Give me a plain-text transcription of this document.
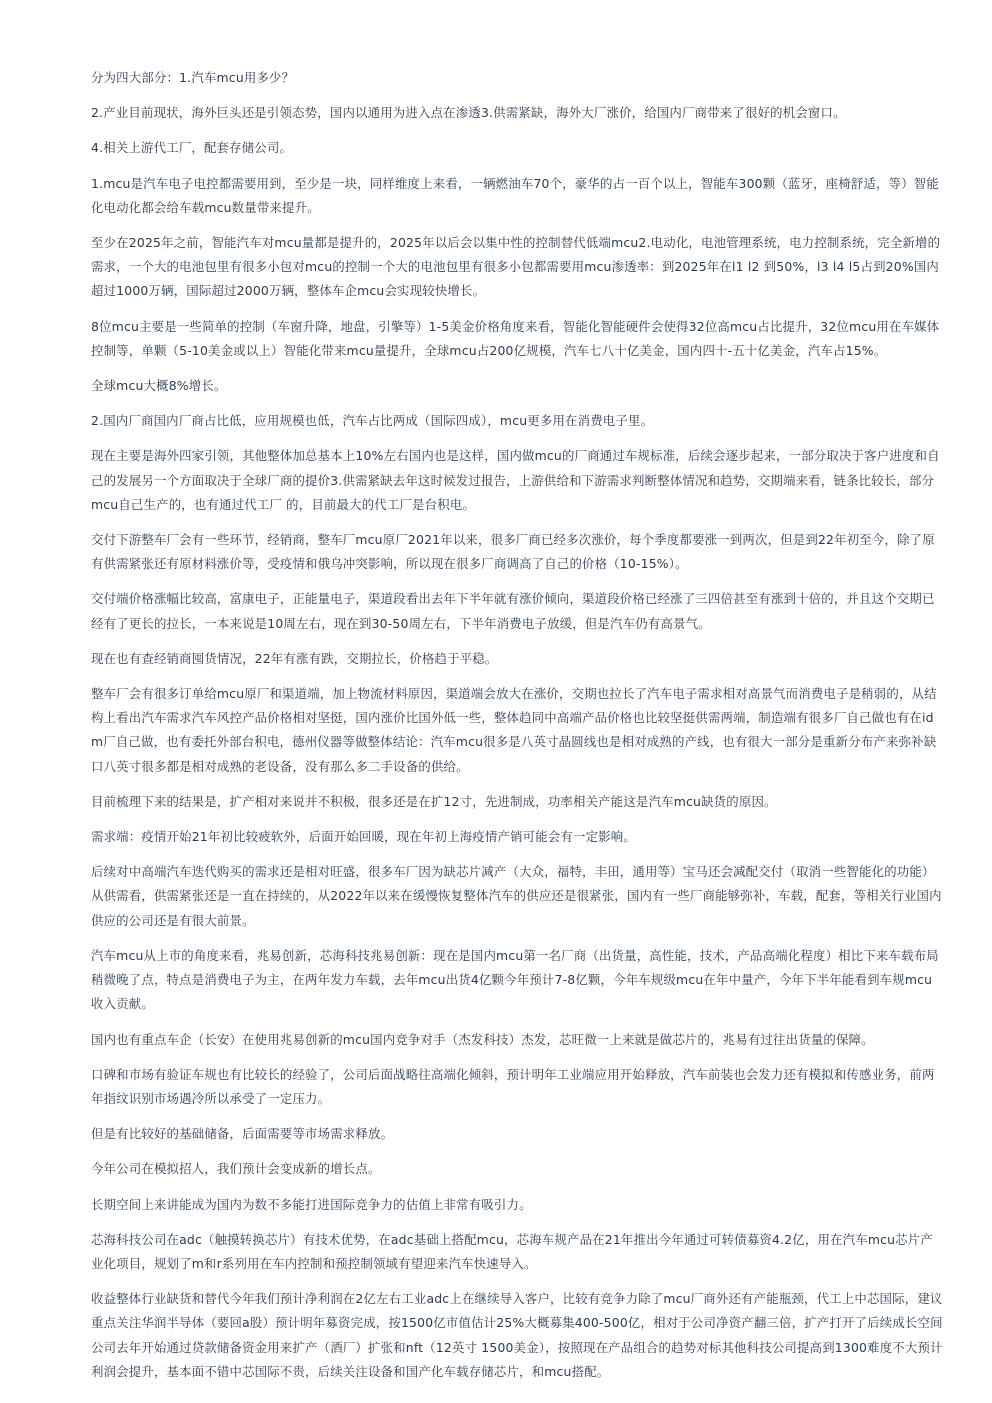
分为四大部分：1.汽车mcu用多少？

2.产业目前现状，海外巨头还是引领态势，国内以通用为进入点在渗透3.供需紧缺，海外大厂涨价，给国内厂商带来了很好的机会窗口。

4.相关上游代工厂，配套存储公司。

1.mcu是汽车电子电控都需要用到，至少是一块，同样维度上来看，一辆燃油车70个，豪华的占一百个以上，智能车300颗（蓝牙，座椅舒适，等）智能化电动化都会给车载mcu数量带来提升。

至少在2025年之前，智能汽车对mcu量都是提升的，2025年以后会以集中性的控制替代低端mcu2.电动化，电池管理系统，电力控制系统，完全新增的需求，一个大的电池包里有很多小包对mcu的控制一个大的电池包里有很多小包都需要用mcu渗透率：到2025年在l1 l2 到50%，l3 l4 l5占到20%国内超过1000万辆，国际超过2000万辆，整体车企mcu会实现较快增长。

8位mcu主要是一些简单的控制（车窗升降，地盘，引擎等）1-5美金价格角度来看，智能化智能硬件会使得32位高mcu占比提升，32位mcu用在车媒体控制等，单颗（5-10美金或以上）智能化带来mcu量提升，全球mcu占200亿规模，汽车七八十亿美金，国内四十-五十亿美金，汽车占15%。

全球mcu大概8%增长。

2.国内厂商国内厂商占比低，应用规模也低，汽车占比两成（国际四成），mcu更多用在消费电子里。

现在主要是海外四家引领，其他整体加总基本上10%左右国内也是这样，国内做mcu的厂商通过车规标准，后续会逐步起来，一部分取决于客户进度和自己的发展另一个方面取决于全球厂商的提价3.供需紧缺去年这时候发过报告，上游供给和下游需求判断整体情况和趋势，交期端来看，链条比较长，部分mcu自己生产的，也有通过代工厂 的，目前最大的代工厂是台积电。

交付下游整车厂会有一些环节，经销商，整车厂mcu原厂2021年以来，很多厂商已经多次涨价，每个季度都要涨一到两次，但是到22年初至今，除了原有供需紧张还有原材料涨价等，受疫情和俄乌冲突影响，所以现在很多厂商调高了自己的价格（10-15%）。

交付端价格涨幅比较高，富康电子，正能量电子，渠道段看出去年下半年就有涨价倾向，渠道段价格已经涨了三四倍甚至有涨到十倍的，并且这个交期已经有了更长的拉长，一本来说是10周左右，现在到30-50周左右，下半年消费电子放缓，但是汽车仍有高景气。

现在也有查经销商囤货情况，22年有涨有跌，交期拉长，价格趋于平稳。

整车厂会有很多订单给mcu原厂和渠道端，加上物流材料原因，渠道端会放大在涨价，交期也拉长了汽车电子需求相对高景气而消费电子是稍弱的，从结构上看出汽车需求汽车风控产品价格相对坚挺，国内涨价比国外低一些，整体趋同中高端产品价格也比较坚挺供需两端，制造端有很多厂自己做也有在idm厂自己做，也有委托外部台积电，德州仪器等做整体结论：汽车mcu很多是八英寸晶圆线也是相对成熟的产线，也有很大一部分是重新分布产来弥补缺口八英寸很多都是相对成熟的老设备，没有那么多二手设备的供给。

目前梳理下来的结果是，扩产相对来说并不积极，很多还是在扩12寸，先进制成，功率相关产能这是汽车mcu缺货的原因。

需求端：疫情开始21年初比较疲软外，后面开始回暖，现在年初上海疫情产销可能会有一定影响。

后续对中高端汽车迭代购买的需求还是相对旺盛，很多车厂因为缺芯片减产（大众，福特，丰田，通用等）宝马还会减配交付（取消一些智能化的功能）从供需看，供需紧张还是一直在持续的，从2022年以来在缓慢恢复整体汽车的供应还是很紧张，国内有一些厂商能够弥补，车载，配套，等相关行业国内供应的公司还是有很大前景。

汽车mcu从上市的角度来看，兆易创新，芯海科技兆易创新：现在是国内mcu第一名厂商（出货量，高性能，技术，产品高端化程度）相比下来车载布局稍微晚了点，特点是消费电子为主，在两年发力车载，去年mcu出货4亿颗今年预计7-8亿颗，今年车规级mcu在年中量产，今年下半年能看到车规mcu收入贡献。

国内也有重点车企（长安）在使用兆易创新的mcu国内竞争对手（杰发科技）杰发，芯旺微一上来就是做芯片的，兆易有过往出货量的保障。

口碑和市场有验证车规也有比较长的经验了，公司后面战略往高端化倾斜，预计明年工业端应用开始释放，汽车前装也会发力还有模拟和传感业务，前两年指纹识别市场遇冷所以承受了一定压力。

但是有比较好的基础储备，后面需要等市场需求释放。

今年公司在模拟招人，我们预计会变成新的增长点。

长期空间上来讲能成为国内为数不多能打进国际竞争力的估值上非常有吸引力。

芯海科技公司在adc（触摸转换芯片）有技术优势，在adc基础上搭配mcu，芯海车规产品在21年推出今年通过可转债募资4.2亿，用在汽车mcu芯片产业化项目，规划了m和r系列用在车内控制和预控制领域有望迎来汽车快速导入。

收益整体行业缺货和替代今年我们预计净利润在2亿左右工业adc上在继续导入客户，比较有竞争力除了mcu厂商外还有产能瓶颈，代工上中芯国际，建议重点关注华润半导体（要回a股）预计明年募资完成，按1500亿市值估计25%大概募集400-500亿，相对于公司净资产翻三倍，扩产打开了后续成长空间公司去年开始通过贷款储备资金用来扩产（酒厂）扩张和nft（12英寸 1500美金），按照现在产品组合的趋势对标其他科技公司提高到1300难度不大预计利润会提升，基本面不错中芯国际不贵，后续关注设备和国产化车载存储芯片，和mcu搭配。
